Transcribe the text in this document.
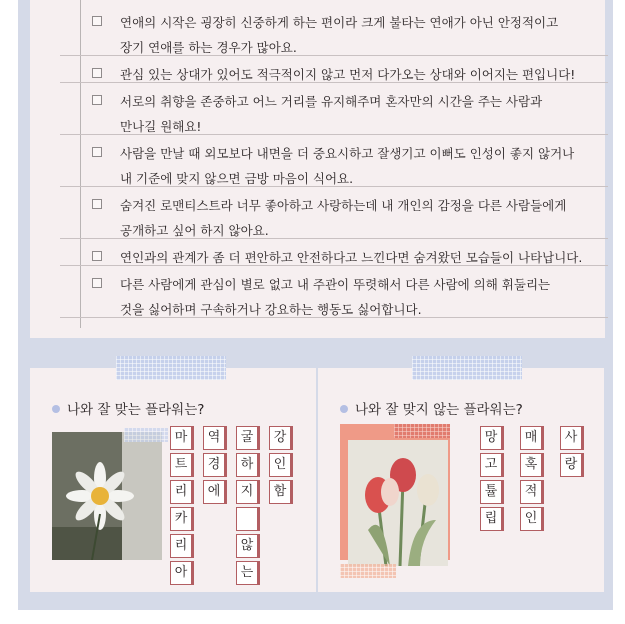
연애의 시작은 굉장히 신중하게 하는 편이라 크게 불타는 연애가 아닌 안정적이고
장기 연애를 하는 경우가 많아요.
관심 있는 상대가 있어도 적극적이지 않고 먼저 다가오는 상대와 이어지는 편입니다!
서로의 취향을 존중하고 어느 거리를 유지해주며 혼자만의 시간을 주는 사람과
만나길 원해요!
사람을 만날 때 외모보다 내면을 더 중요시하고 잘생기고 이뻐도 인성이 좋지 않거나
내 기준에 맞지 않으면 금방 마음이 식어요.
숨겨진 로맨티스트라 너무 좋아하고 사랑하는데 내 개인의 감정을 다른 사람들에게
공개하고 싶어 하지 않아요.
연인과의 관계가 좀 더 편안하고 안전하다고 느낀다면 숨겨왔던 모습들이 나타납니다.
다른 사람에게 관심이 별로 없고 내 주관이 뚜렷해서 다른 사람에 의해 휘둘리는
것을 싫어하며 구속하거나 강요하는 행동도 싫어합니다.
나와 잘 맞는 플라워는?
마
트
리
카
리
아
역
경
에
굴
하
지
않
는
강
인
함
나와 잘 맞지 않는 플라워는?
망
고
튤
립
매
혹
적
인
사
랑
